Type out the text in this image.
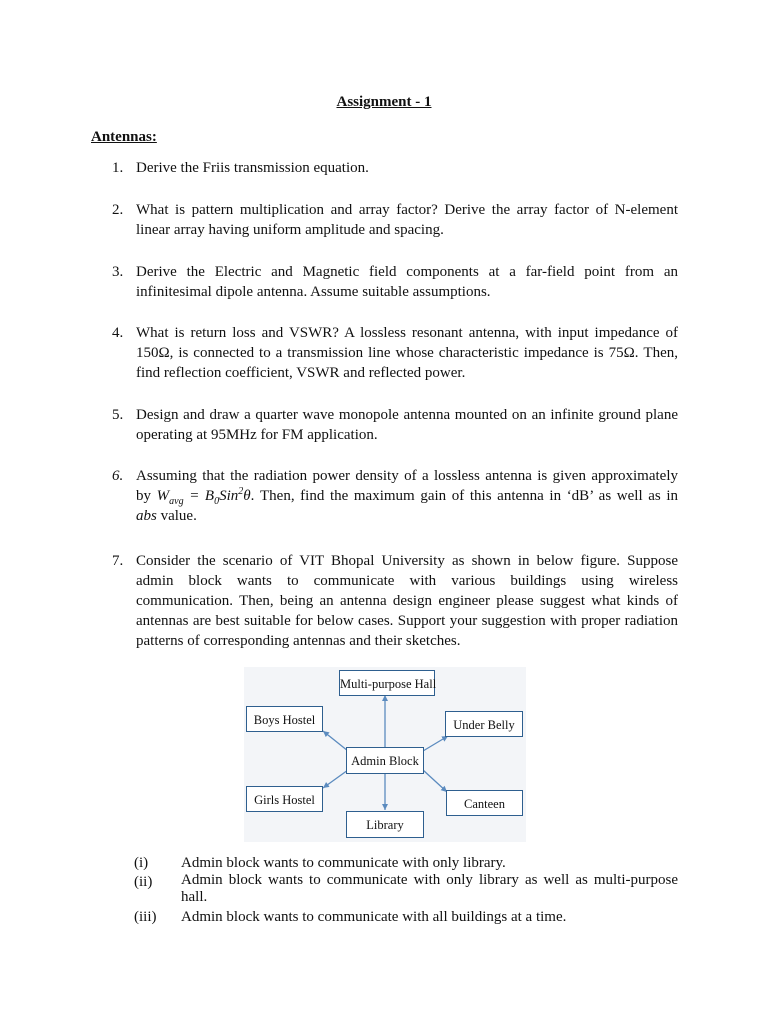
Assignment - 1
Antennas:
1. Derive the Friis transmission equation.
2. What is pattern multiplication and array factor? Derive the array factor of N-element
linear array having uniform amplitude and spacing.
3. Derive the Electric and Magnetic field components at a far-field point from an
infinitesimal dipole antenna. Assume suitable assumptions.
4. What is return loss and VSWR? A lossless resonant antenna, with input impedance of
150Ω, is connected to a transmission line whose characteristic impedance is 75Ω. Then,
find reflection coefficient, VSWR and reflected power.
5. Design and draw a quarter wave monopole antenna mounted on an infinite ground plane
operating at 95MHz for FM application.
6. Assuming that the radiation power density of a lossless antenna is given approximately
by $W_{avg} = B_0Sin^2\theta$. Then, find the maximum gain of this antenna in ‘dB’ as well as in
abs value.
7. Consider the scenario of VIT Bhopal University as shown in below figure. Suppose
admin block wants to communicate with various buildings using wireless
communication. Then, being an antenna design engineer please suggest what kinds of
antennas are best suitable for below cases. Support your suggestion with proper radiation
patterns of corresponding antennas and their sketches.
Multi-purpose Hall
Boys Hostel	Under Belly
Admin Block
Girls Hostel	Canteen
Library
(i) Admin block wants to communicate with only library.
(ii) Admin block wants to communicate with only library as well as multi-purpose
hall.
(iii) Admin block wants to communicate with all buildings at a time.
